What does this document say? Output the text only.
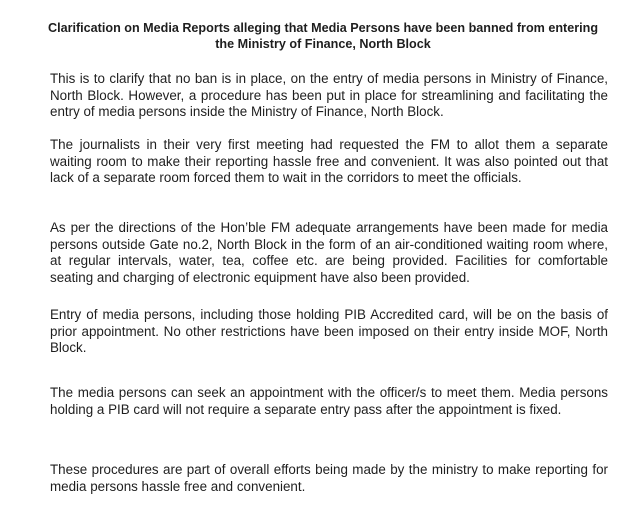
Clarification on Media Reports alleging that Media Persons have been banned from entering the Ministry of Finance, North Block

This is to clarify that no ban is in place, on the entry of media persons in Ministry of Finance, North Block. However, a procedure has been put in place for streamlining and facilitating the entry of media persons inside the Ministry of Finance, North Block.

The journalists in their very first meeting had requested the FM to allot them a separate waiting room to make their reporting hassle free and convenient. It was also pointed out that lack of a separate room forced them to wait in the corridors to meet the officials.

As per the directions of the Hon’ble FM adequate arrangements have been made for media persons outside Gate no.2, North Block in the form of an air-conditioned waiting room where, at regular intervals, water, tea, coffee etc. are being provided. Facilities for comfortable seating and charging of electronic equipment have also been provided.

Entry of media persons, including those holding PIB Accredited card, will be on the basis of prior appointment. No other restrictions have been imposed on their entry inside MOF, North Block.

The media persons can seek an appointment with the officer/s to meet them. Media persons holding a PIB card will not require a separate entry pass after the appointment is fixed.

These procedures are part of overall efforts being made by the ministry to make reporting for media persons hassle free and convenient.
